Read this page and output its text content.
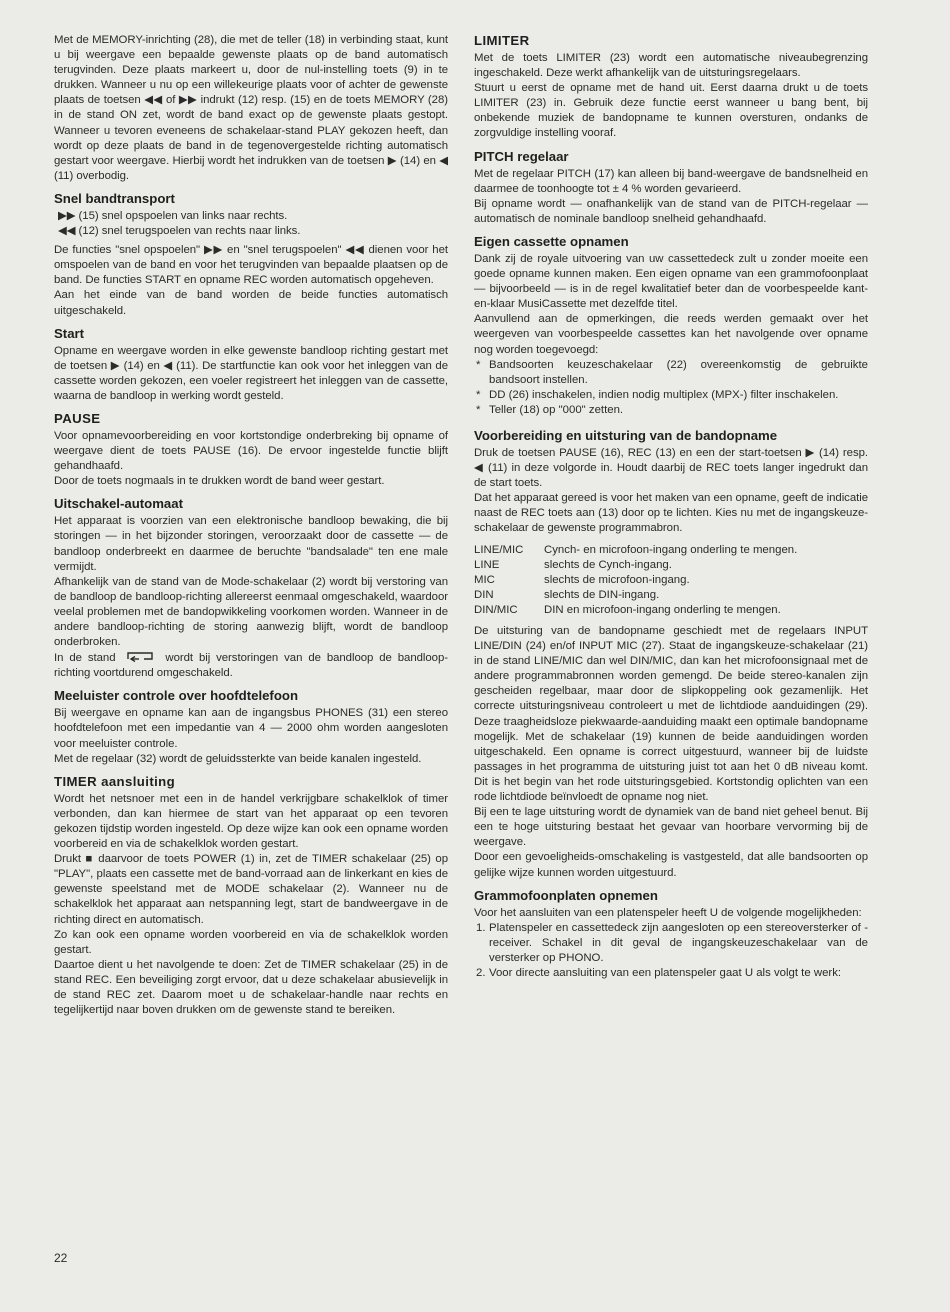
Met de MEMORY-inrichting (28), die met de teller (18) in verbinding staat, kunt u bij weergave een bepaalde gewenste plaats op de band automatisch terugvinden. Deze plaats markeert u, door de nul-instelling toets (9) in te drukken. Wanneer u nu op een willekeurige plaats voor of achter de gewenste plaats de toetsen ◀◀ of ▶▶ indrukt (12) resp. (15) en de toets MEMORY (28) in de stand ON zet, wordt de band exact op de gewenste plaats gestopt. Wanneer u tevoren eveneens de schakelaar-stand PLAY gekozen heeft, dan wordt op deze plaats de band in de tegenovergestelde richting automatisch gestart voor weergave. Hierbij wordt het indrukken van de toetsen ▶ (14) en ◀ (11) overbodig.

Snel bandtransport

▶▶ (15) snel opspoelen van links naar rechts.

◀◀ (12) snel terugspoelen van rechts naar links.

De functies "snel opspoelen" ▶▶ en "snel terugspoelen" ◀◀ dienen voor het omspoelen van de band en voor het terugvinden van bepaalde plaatsen op de band. De functies START en opname REC worden automatisch opgeheven.

Aan het einde van de band worden de beide functies automatisch uitgeschakeld.

Start

Opname en weergave worden in elke gewenste bandloop richting gestart met de toetsen ▶ (14) en ◀ (11). De startfunctie kan ook voor het inleggen van de cassette worden gekozen, een voeler registreert het inleggen van de cassette, waarna de bandloop in werking wordt gesteld.

PAUSE

Voor opnamevoorbereiding en voor kortstondige onderbreking bij opname of weergave dient de toets PAUSE (16). De ervoor ingestelde functie blijft gehandhaafd.

Door de toets nogmaals in te drukken wordt de band weer gestart.

Uitschakel-automaat

Het apparaat is voorzien van een elektronische bandloop bewaking, die bij storingen — in het bijzonder storingen, veroorzaakt door de cassette — de bandloop onderbreekt en daarmee de beruchte "bandsalade" ten ene male vermijdt.

Afhankelijk van de stand van de Mode-schakelaar (2) wordt bij verstoring van de bandloop de bandloop-richting allereerst eenmaal omgeschakeld, waardoor veelal problemen met de bandopwikkeling voorkomen worden. Wanneer in de andere bandloop-richting de storing aanwezig blijft, wordt de bandloop onderbroken.

In de stand	wordt bij verstoringen van de bandloop de bandloop-richting voortdurend omgeschakeld.

Meeluister controle over hoofdtelefoon

Bij weergave en opname kan aan de ingangsbus PHONES (31) een stereo hoofdtelefoon met een impedantie van 4 — 2000 ohm worden aangesloten voor meeluister controle.

Met de regelaar (32) wordt de geluidssterkte van beide kanalen ingesteld.

TIMER aansluiting

Wordt het netsnoer met een in de handel verkrijgbare schakelklok of timer verbonden, dan kan hiermee de start van het apparaat op een tevoren gekozen tijdstip worden ingesteld. Op deze wijze kan ook een opname worden voorbereid en via de schakelklok worden gestart.

Drukt ■ daarvoor de toets POWER (1) in, zet de TIMER schakelaar (25) op "PLAY", plaats een cassette met de band-vorraad aan de linkerkant en kies de gewenste speelstand met de MODE schakelaar (2). Wanneer nu de schakelklok het apparaat aan netspanning legt, start de bandweergave in de richting direct en automatisch.

Zo kan ook een opname worden voorbereid en via de schakelklok worden gestart.

Daartoe dient u het navolgende te doen: Zet de TIMER schakelaar (25) in de stand REC. Een beveiliging zorgt ervoor, dat u deze schakelaar abusievelijk in de stand REC zet. Daarom moet u de schakelaar-handle naar rechts en tegelijkertijd naar boven drukken om de gewenste stand te bereiken.

LIMITER

Met de toets LIMITER (23) wordt een automatische niveaubegrenzing ingeschakeld. Deze werkt afhankelijk van de uitsturingsregelaars.

Stuurt u eerst de opname met de hand uit. Eerst daarna drukt u de toets LIMITER (23) in. Gebruik deze functie eerst wanneer u bang bent, bij onbekende muziek de bandopname te kunnen oversturen, ondanks de zorgvuldige instelling vooraf.

PITCH regelaar

Met de regelaar PITCH (17) kan alleen bij band-weergave de bandsnelheid en daarmee de toonhoogte tot ± 4 % worden gevarieerd.

Bij opname wordt — onafhankelijk van de stand van de PITCH-regelaar — automatisch de nominale bandloop snelheid gehandhaafd.

Eigen cassette opnamen

Dank zij de royale uitvoering van uw cassettedeck zult u zonder moeite een goede opname kunnen maken. Een eigen opname van een grammofoonplaat — bijvoorbeeld — is in de regel kwalitatief beter dan de voorbespeelde kant-en-klaar MusiCassette met dezelfde titel.

Aanvullend aan de opmerkingen, die reeds werden gemaakt over het weergeven van voorbespeelde cassettes kan het navolgende over opname nog worden toegevoegd:

* Bandsoorten keuzeschakelaar (22) overeenkomstig de gebruikte bandsoort instellen.
* DD (26) inschakelen, indien nodig multiplex (MPX-) filter inschakelen.
* Teller (18) op "000" zetten.
Voorbereiding en uitsturing van de bandopname

Druk de toetsen PAUSE (16), REC (13) en een der start-toetsen ▶ (14) resp. ◀ (11) in deze volgorde in. Houdt daarbij de REC toets langer ingedrukt dan de start toets.

Dat het apparaat gereed is voor het maken van een opname, geeft de indicatie naast de REC toets aan (13) door op te lichten. Kies nu met de ingangskeuze-schakelaar de gewenste programmabron.

LINE/MIC	Cynch- en microfoon-ingang onderling te mengen.
LINE	slechts de Cynch-ingang.
MIC	slechts de microfoon-ingang.
DIN	slechts de DIN-ingang.
DIN/MIC	DIN en microfoon-ingang onderling te mengen.

De uitsturing van de bandopname geschiedt met de regelaars INPUT LINE/DIN (24) en/of INPUT MIC (27). Staat de ingangskeuze-schakelaar (21) in de stand LINE/MIC dan wel DIN/MIC, dan kan het microfoonsignaal met de andere programmabronnen worden gemengd. De beide stereo-kanalen zijn gescheiden regelbaar, maar door de slipkoppeling ook gezamenlijk. Het correcte uitsturingsniveau controleert u met de lichtdiode aanduidingen (29). Deze traagheidsloze piekwaarde-aanduiding maakt een optimale bandopname mogelijk. Met de schakelaar (19) kunnen de beide aanduidingen worden uitgeschakeld. Een opname is correct uitgestuurd, wanneer bij de luidste passages in het programma de uitsturing juist tot aan het 0 dB niveau komt. Dit is het begin van het rode uitsturingsgebied. Kortstondig oplichten van een rode lichtdiode beïnvloedt de opname nog niet.

Bij een te lage uitsturing wordt de dynamiek van de band niet geheel benut. Bij een te hoge uitsturing bestaat het gevaar van hoorbare vervorming bij de weergave.

Door een gevoeligheids-omschakeling is vastgesteld, dat alle bandsoorten op gelijke wijze kunnen worden uitgestuurd.

Grammofoonplaten opnemen

Voor het aansluiten van een platenspeler heeft U de volgende mogelijkheden:

1. Platenspeler en cassettedeck zijn aangesloten op een stereoversterker of -receiver. Schakel in dit geval de ingangskeuzeschakelaar van de versterker op PHONO.
2. Voor directe aansluiting van een platenspeler gaat U als volgt te werk:
22
